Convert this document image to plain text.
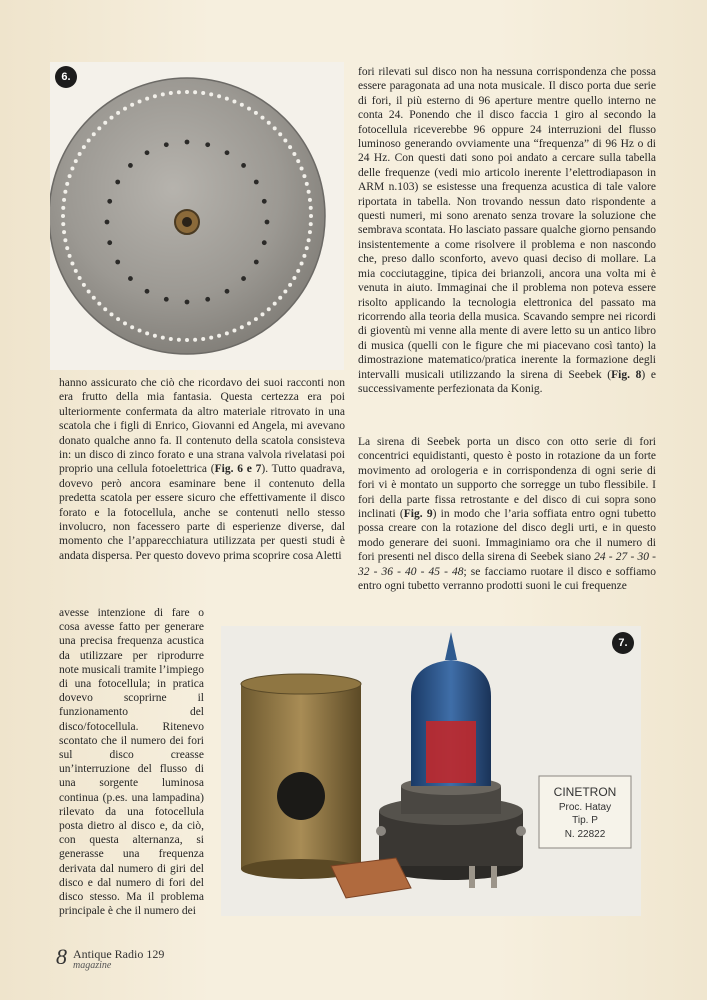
6.
CINETRON
Proc. Hatay
Tip. P
N. 22822
7.

fori rilevati sul disco non ha nessuna corrispondenza che possa essere paragonata ad una nota musicale. Il disco porta due serie di fori, il più esterno di 96 aperture mentre quello interno ne conta 24. Ponendo che il disco faccia 1 giro al secondo la fotocellula riceverebbe 96 oppure 24 interruzioni del flusso luminoso generando ovviamente una “frequenza” di 96 Hz o di 24 Hz. Con questi dati sono poi andato a cercare sulla tabella delle frequenze (vedi mio articolo inerente l’elettrodiapason in ARM n.103) se esistesse una frequenza acustica di tale valore riportata in tabella. Non trovando nessun dato rispondente a questi numeri, mi sono arenato senza trovare la soluzione che sembrava scontata. Ho lasciato passare qualche giorno pensando insistentemente a come risolvere il problema e non nascondo che, preso dallo sconforto, avevo quasi deciso di mollare. La mia cocciutaggine, tipica dei brianzoli, ancora una volta mi è venuta in aiuto. Immaginai che il problema non poteva essere risolto applicando la tecnologia elettronica del passato ma ricorrendo alla teoria della musica. Scavando sempre nei ricordi di gioventù mi venne alla mente di avere letto su un antico libro di musica (quelli con le figure che mi piacevano così tanto) la dimostrazione matematico/pratica inerente la formazione degli intervalli musicali utilizzando la sirena di Seebek (Fig. 8) e successivamente perfezionata da Konig.

La sirena di Seebek porta un disco con otto serie di fori concentrici equidistanti, questo è posto in rotazione da un forte movimento ad orologeria e in corrispondenza di ogni serie di fori vi è montato un supporto che sorregge un tubo flessibile. I fori della parte fissa retrostante e del disco di cui sopra sono inclinati (Fig. 9) in modo che l’aria soffiata entro ogni tubetto possa creare con la rotazione del disco degli urti, e in questo modo generare dei suoni. Immaginiamo ora che il numero di fori presenti nel disco della sirena di Seebek siano 24 - 27 - 30 - 32 - 36 - 40 - 45 - 48; se facciamo ruotare il disco e soffiamo entro ogni tubetto verranno prodotti suoni le cui frequenze

hanno assicurato che ciò che ricordavo dei suoi racconti non era frutto della mia fantasia. Questa certezza era poi ulteriormente confermata da altro materiale ritrovato in una scatola che i figli di Enrico, Giovanni ed Angela, mi avevano donato qualche anno fa. Il contenuto della scatola consisteva in: un disco di zinco forato e una strana valvola rivelatasi poi proprio una cellula fotoelettrica (Fig. 6 e 7). Tutto quadrava, dovevo però ancora esaminare bene il contenuto della predetta scatola per essere sicuro che effettivamente il disco forato e la fotocellula, anche se contenuti nello stesso involucro, non facessero parte di esperienze diverse, dal momento che l’apparecchiatura utilizzata per questi studi è andata dispersa. Per questo dovevo prima scoprire cosa Aletti

avesse intenzione di fare o cosa avesse fatto per generare una precisa frequenza acustica da utilizzare per riprodurre note musicali tramite l’impiego di una fotocellula; in pratica dovevo scoprirne il funzionamento del disco/fotocellula. Ritenevo scontato che il numero dei fori sul disco creasse un’interruzione del flusso di una sorgente luminosa continua (p.es. una lampadina) rilevato da una fotocellula posta dietro al disco e, da ciò, con questa alternanza, si generasse una frequenza derivata dal numero di giri del disco e dal numero di fori del disco stesso. Ma il problema principale è che il numero dei

8 Antique Radio 129
magazine
